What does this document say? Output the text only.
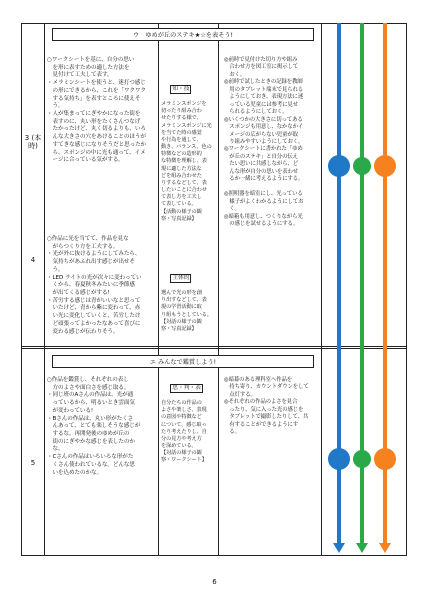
ウ　ゆめが丘のステキ★☆を表そう!
3 (本時)
4
○ワークシートを基に、自分の思い
　を形に表すための適した方法を
　見付けて工夫して表す。
・メラミンシートを使うと、迷打つ感じ
　の形にできるから、これを「ワクワク
　する気持ち」を表すところに使えそ
　う。
・人が集まってにぎやかになった街を
　表すのに、丸い形をたくさんつなげ
　たかったけど、丸く切るよりも、いろ
　んな大きさの穴をあけることのほうが
　すてきな感じになりそうだと思ったか
　ら、スポンジの中に光も通って、イメ
　ージに合っている気がする。
○作品に光を当てて、作品を見な
　がらつくり方を工夫する。
・光が外に抜けるようにしてみたら、
　気持ちがあふれ出す感じが出せそ
　う。
・LED ライトの光が次々に変わってい
　くから、春夏秋冬みたいに季節感
　が出てくる感じがする!
・苦労する感じは青がいいなと思って
　いたけど、青から紫に変わって、赤
　い光に変化していくと、苦労したけ
　ど頑張ってよかったなあって喜びに
　変わる感じが伝わりそう。

知・技

メラミンスポンジを
切ったり組み合わ
せたりする様で、
メラミンスポンジに光
を当てた時の感覚
や行為を通して、
動き、バランス、色の
特徴などの造形的
な特徴を理解し、表
現に適した方法な
どを組み合わせた
りするなどして、表
したいことに合わせ
て表し方を工夫し
て表している。
【活動の様子の観
察・写真記録】

主体的

選んで光の形を創
り出すなどして、表
現の学習活動に取
り組もうとしている。
【対話の様子の観
察・写真記録】

◎前時で見付けた切り方や組み
　合わせ方を図工室に掲示して
　おく。
◎前時で試したときの記録を教師
　用のタブレット端末で見られる
　ようにしておき、表現方法に迷
　っている児童には参考に見せ
　られるようにしておく。
◎いくつかの大きさに切ってある
　スポンジも用意し、なかなかイ
　メージの広がらない児童が取
　り組みやすいようにしておく。
◎ワークシートに書かれた「ゆめ
　が丘のステキ」と自分の伝え
　たい思いに共感しながら、ど
　んな形が自分の思いを表わせ
　るか一緒に考えるようにする。

◎照明器を暗室にし、光っている
　様子がよくわかるようにしてお
　く。
◎暗箱も用意し、つくりながら光
　の感じを試せるようにする。
エ みんなで鑑賞しよう!
5
○作品を鑑賞し、それぞれの表し
　方のよさや面白さを感じ取る。
・同じ班のAさんの作品は、光が通
　っているから、明るいとき雲面気
　が変わっている!
・Bさんの作品は、丸い形がたくさ
　んあって、とても楽しそうな感じが
　するな。再開発後のゆめが丘の
　街のにぎやかな感じを表したのか
　な。
・Cさんの作品はいろいろな形がた
　くさん使われているな。どんな思
　いを込めたのかな。

思・判・表

自分たちの作品の
よさや楽しさ、表現
の意図や特徴など
について、感じ取っ
たり考えたりし、自
分の見方や考え方
を深めている。
【対話の様子の観
察・ワークシート】

◎暗幕のある理科室へ作品を
　持ち寄り、カウントダウンをして
　点灯する。
◎それぞれの作品のよさを見合
　ったり、気に入った光の感じを
　タブレットで撮影したりして、共
　有することができるようにす
　る。
6
